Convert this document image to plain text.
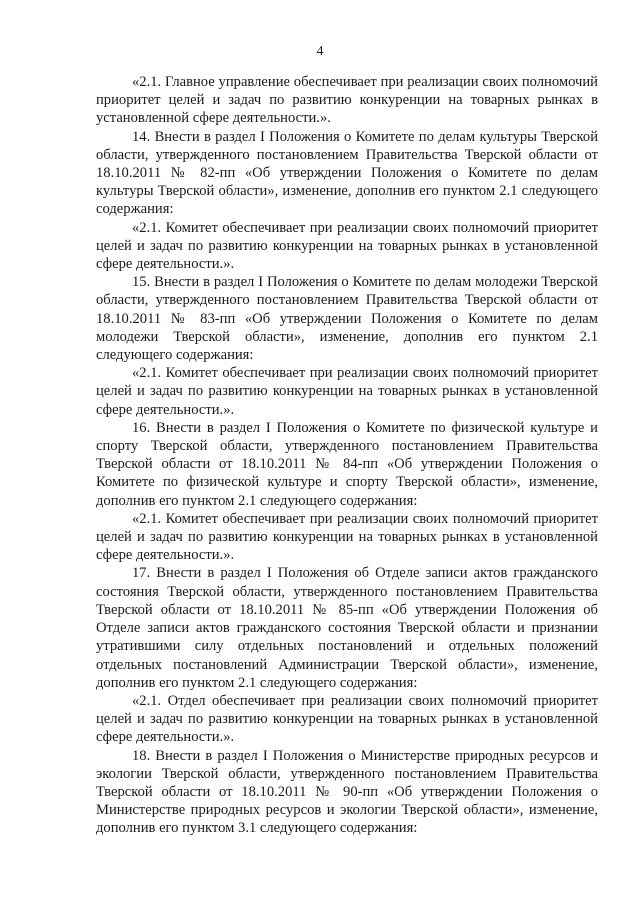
4

«2.1. Главное управление обеспечивает при реализации своих полномочий приоритет целей и задач по развитию конкуренции на товарных рынках в установленной сфере деятельности.».

14. Внести в раздел I Положения о Комитете по делам культуры Тверской области, утвержденного постановлением Правительства Тверской области от 18.10.2011 № 82-пп «Об утверждении Положения о Комитете по делам культуры Тверской области», изменение, дополнив его пунктом 2.1 следующего содержания:

«2.1. Комитет обеспечивает при реализации своих полномочий приоритет целей и задач по развитию конкуренции на товарных рынках в установленной сфере деятельности.».

15. Внести в раздел I Положения о Комитете по делам молодежи Тверской области, утвержденного постановлением Правительства Тверской области от 18.10.2011 № 83-пп «Об утверждении Положения о Комитете по делам молодежи Тверской области», изменение, дополнив его пунктом 2.1 следующего содержания:

«2.1. Комитет обеспечивает при реализации своих полномочий приоритет целей и задач по развитию конкуренции на товарных рынках в установленной сфере деятельности.».

16. Внести в раздел I Положения о Комитете по физической культуре и спорту Тверской области, утвержденного постановлением Правительства Тверской области от 18.10.2011 № 84-пп «Об утверждении Положения о Комитете по физической культуре и спорту Тверской области», изменение, дополнив его пунктом 2.1 следующего содержания:

«2.1. Комитет обеспечивает при реализации своих полномочий приоритет целей и задач по развитию конкуренции на товарных рынках в установленной сфере деятельности.».

17. Внести в раздел I Положения об Отделе записи актов гражданского состояния Тверской области, утвержденного постановлением Правительства Тверской области от 18.10.2011 № 85-пп «Об утверждении Положения об Отделе записи актов гражданского состояния Тверской области и признании утратившими силу отдельных постановлений и отдельных положений отдельных постановлений Администрации Тверской области», изменение, дополнив его пунктом 2.1 следующего содержания:

«2.1. Отдел обеспечивает при реализации своих полномочий приоритет целей и задач по развитию конкуренции на товарных рынках в установленной сфере деятельности.».

18. Внести в раздел I Положения о Министерстве природных ресурсов и экологии Тверской области, утвержденного постановлением Правительства Тверской области от 18.10.2011 № 90-пп «Об утверждении Положения о Министерстве природных ресурсов и экологии Тверской области», изменение, дополнив его пунктом 3.1 следующего содержания:
